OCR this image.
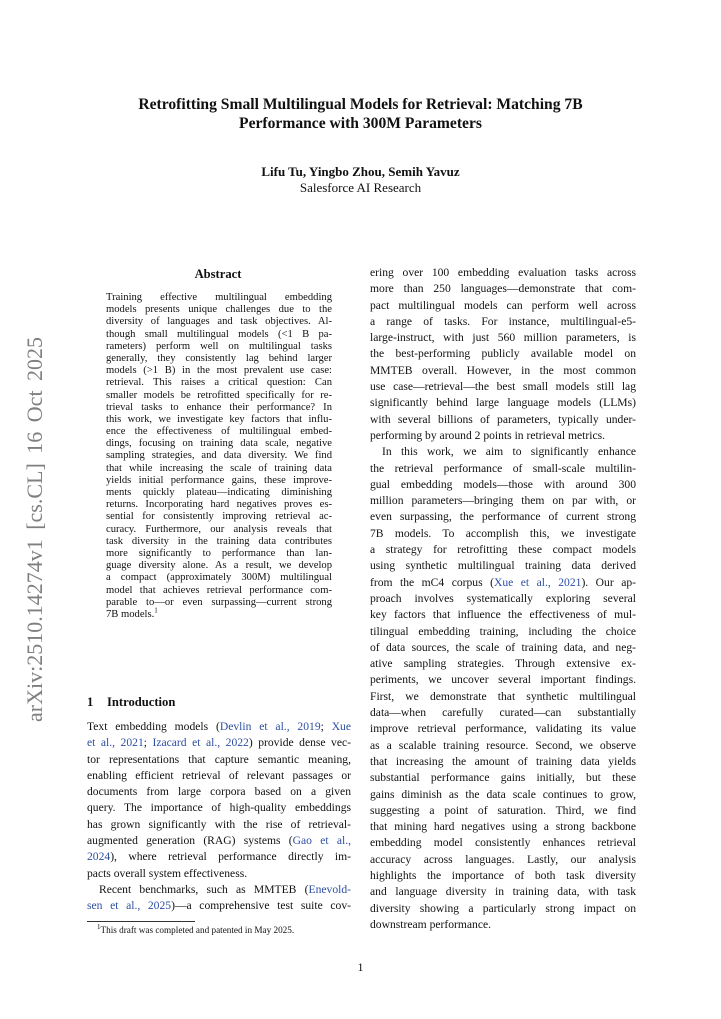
arXiv:2510.14274v1 [cs.CL] 16 Oct 2025
Retrofitting Small Multilingual Models for Retrieval: Matching 7B
Performance with 300M Parameters
Lifu Tu, Yingbo Zhou, Semih Yavuz
Salesforce AI Research
Abstract
Training effective multilingual embedding
models presents unique challenges due to the
diversity of languages and task objectives. Al-
though small multilingual models (<1 B pa-
rameters) perform well on multilingual tasks
generally, they consistently lag behind larger
models (>1 B) in the most prevalent use case:
retrieval. This raises a critical question: Can
smaller models be retrofitted specifically for re-
trieval tasks to enhance their performance? In
this work, we investigate key factors that influ-
ence the effectiveness of multilingual embed-
dings, focusing on training data scale, negative
sampling strategies, and data diversity. We find
that while increasing the scale of training data
yields initial performance gains, these improve-
ments quickly plateau—indicating diminishing
returns. Incorporating hard negatives proves es-
sential for consistently improving retrieval ac-
curacy. Furthermore, our analysis reveals that
task diversity in the training data contributes
more significantly to performance than lan-
guage diversity alone. As a result, we develop
a compact (approximately 300M) multilingual
model that achieves retrieval performance com-
parable to—or even surpassing—current strong
7B models.$^1$
1 Introduction
Text embedding models (Devlin et al., 2019; Xue
et al., 2021; Izacard et al., 2022) provide dense vec-
tor representations that capture semantic meaning,
enabling efficient retrieval of relevant passages or
documents from large corpora based on a given
query. The importance of high-quality embeddings
has grown significantly with the rise of retrieval-
augmented generation (RAG) systems (Gao et al.,
2024), where retrieval performance directly im-
pacts overall system effectiveness.
Recent benchmarks, such as MMTEB (Enevold-
sen et al., 2025)—a comprehensive test suite cov-
$^1$This draft was completed and patented in May 2025.
ering over 100 embedding evaluation tasks across
more than 250 languages—demonstrate that com-
pact multilingual models can perform well across
a range of tasks. For instance, multilingual-e5-
large-instruct, with just 560 million parameters, is
the best-performing publicly available model on
MMTEB overall. However, in the most common
use case—retrieval—the best small models still lag
significantly behind large language models (LLMs)
with several billions of parameters, typically under-
performing by around 2 points in retrieval metrics.
In this work, we aim to significantly enhance
the retrieval performance of small-scale multilin-
gual embedding models—those with around 300
million parameters—bringing them on par with, or
even surpassing, the performance of current strong
7B models. To accomplish this, we investigate
a strategy for retrofitting these compact models
using synthetic multilingual training data derived
from the mC4 corpus (Xue et al., 2021). Our ap-
proach involves systematically exploring several
key factors that influence the effectiveness of mul-
tilingual embedding training, including the choice
of data sources, the scale of training data, and neg-
ative sampling strategies. Through extensive ex-
periments, we uncover several important findings.
First, we demonstrate that synthetic multilingual
data—when carefully curated—can substantially
improve retrieval performance, validating its value
as a scalable training resource. Second, we observe
that increasing the amount of training data yields
substantial performance gains initially, but these
gains diminish as the data scale continues to grow,
suggesting a point of saturation. Third, we find
that mining hard negatives using a strong backbone
embedding model consistently enhances retrieval
accuracy across languages. Lastly, our analysis
highlights the importance of both task diversity
and language diversity in training data, with task
diversity showing a particularly strong impact on
downstream performance.
1
